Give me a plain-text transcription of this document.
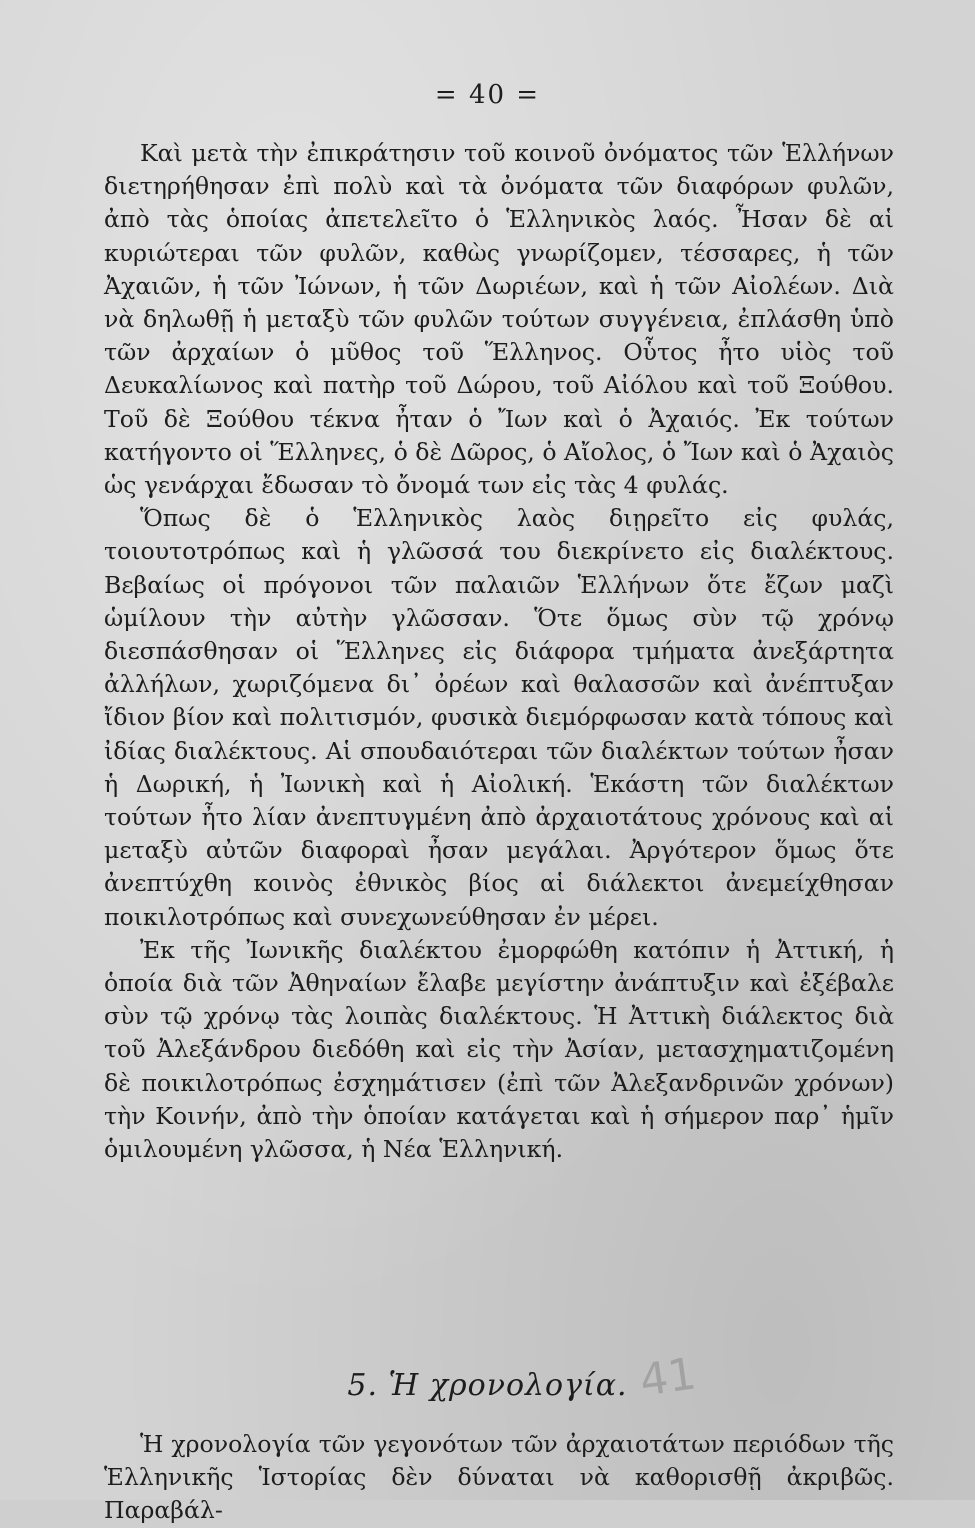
= 40 =

Καὶ μετὰ τὴν ἐπικράτησιν τοῦ κοινοῦ ὀνόματος τῶν Ἑλλήνων διετηρήθησαν ἐπὶ πολὺ καὶ τὰ ὀνόματα τῶν διαφόρων φυλῶν, ἀπὸ τὰς ὁποίας ἀπετελεῖτο ὁ Ἑλληνικὸς λαός. Ἦσαν δὲ αἱ κυριώτεραι τῶν φυλῶν, καθὼς γνωρίζομεν, τέσσαρες, ἡ τῶν Ἀχαιῶν, ἡ τῶν Ἰώνων, ἡ τῶν Δωριέων, καὶ ἡ τῶν Αἰολέων. Διὰ νὰ δηλωθῇ ἡ μεταξὺ τῶν φυλῶν τούτων συγγένεια, ἐπλάσθη ὑπὸ τῶν ἀρχαίων ὁ μῦθος τοῦ Ἕλληνος. Οὗτος ἦτο υἱὸς τοῦ Δευκαλίωνος καὶ πατὴρ τοῦ Δώρου, τοῦ Αἰόλου καὶ τοῦ Ξούθου. Τοῦ δὲ Ξούθου τέκνα ἦταν ὁ Ἴων καὶ ὁ Ἀχαιός. Ἐκ τούτων κατήγοντο οἱ Ἕλληνες, ὁ δὲ Δῶρος, ὁ Αἴολος, ὁ Ἴων καὶ ὁ Ἀχαιὸς ὡς γενάρχαι ἔδωσαν τὸ ὄνομά των εἰς τὰς 4 φυλάς.

Ὅπως δὲ ὁ Ἑλληνικὸς λαὸς διῃρεῖτο εἰς φυλάς, τοιουτοτρόπως καὶ ἡ γλῶσσά του διεκρίνετο εἰς διαλέκτους. Βεβαίως οἱ πρόγονοι τῶν παλαιῶν Ἑλλήνων ὅτε ἔζων μαζὶ ὡμίλουν τὴν αὐτὴν γλῶσσαν. Ὅτε ὅμως σὺν τῷ χρόνῳ διεσπάσθησαν οἱ Ἕλληνες εἰς διάφορα τμήματα ἀνεξάρτητα ἀλλήλων, χωριζόμενα δι᾽ ὀρέων καὶ θαλασσῶν καὶ ἀνέπτυξαν ἴδιον βίον καὶ πολιτισμόν, φυσικὰ διεμόρφωσαν κατὰ τόπους καὶ ἰδίας διαλέκτους. Αἱ σπουδαιότεραι τῶν διαλέκτων τούτων ἦσαν ἡ Δωρική, ἡ Ἰωνικὴ καὶ ἡ Αἰολική. Ἑκάστη τῶν διαλέκτων τούτων ἦτο λίαν ἀνεπτυγμένη ἀπὸ ἀρχαιοτάτους χρόνους καὶ αἱ μεταξὺ αὐτῶν διαφοραὶ ἦσαν μεγάλαι. Ἀργότερον ὅμως ὅτε ἀνεπτύχθη κοινὸς ἐθνικὸς βίος αἱ διάλεκτοι ἀνεμείχθησαν ποικιλοτρόπως καὶ συνεχωνεύθησαν ἐν μέρει.

Ἐκ τῆς Ἰωνικῆς διαλέκτου ἐμορφώθη κατόπιν ἡ Ἀττική, ἡ ὁποία διὰ τῶν Ἀθηναίων ἔλαβε μεγίστην ἀνάπτυξιν καὶ ἐξέβαλε σὺν τῷ χρόνῳ τὰς λοιπὰς διαλέκτους. Ἡ Ἀττικὴ διάλεκτος διὰ τοῦ Ἀλεξάνδρου διεδόθη καὶ εἰς τὴν Ἀσίαν, μετασχηματιζομένη δὲ ποικιλοτρόπως ἐσχημάτισεν (ἐπὶ τῶν Ἀλεξανδρινῶν χρόνων) τὴν Κοινήν, ἀπὸ τὴν ὁποίαν κατάγεται καὶ ἡ σήμερον παρ᾽ ἡμῖν ὁμιλουμένη γλῶσσα, ἡ Νέα Ἑλληνική.

5. Ἡ χρονολογία. 41

Ἡ χρονολογία τῶν γεγονότων τῶν ἀρχαιοτάτων περιόδων τῆς Ἑλληνικῆς Ἱστορίας δὲν δύναται νὰ καθορισθῇ ἀκριβῶς. Παραβάλ-
